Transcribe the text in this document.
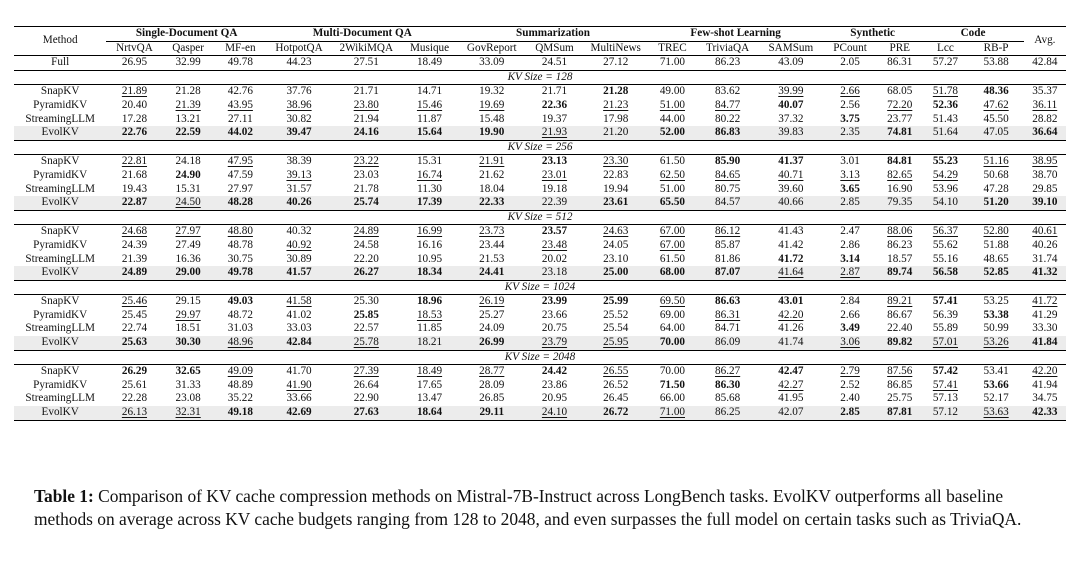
Method	Single-Document QA			Multi-Document QA			Summarization			Few-shot Learning			Synthetic		Code		Avg.
	NrtvQA	Qasper	MF-en	HotpotQA	2WikiMQA	Musique	GovReport	QMSum	MultiNews	TREC	TriviaQA	SAMSum	PCount	PRE	Lcc	RB-P	
Full	26.95	32.99	49.78	44.23	27.51	18.49	33.09	24.51	27.12	71.00	86.23	43.09	2.05	86.31	57.27	53.88	42.84
KV Size = 128																	
SnapKV	21.89	21.28	42.76	37.76	21.71	14.71	19.32	21.71	21.28	49.00	83.62	39.99	2.66	68.05	51.78	48.36	35.37
PyramidKV	20.40	21.39	43.95	38.96	23.80	15.46	19.69	22.36	21.23	51.00	84.77	40.07	2.56	72.20	52.36	47.62	36.11
StreamingLLM	17.28	13.21	27.11	30.82	21.94	11.87	15.48	19.37	17.98	44.00	80.22	37.32	3.75	23.77	51.43	45.50	28.82
EvolKV	22.76	22.59	44.02	39.47	24.16	15.64	19.90	21.93	21.20	52.00	86.83	39.83	2.35	74.81	51.64	47.05	36.64
KV Size = 256																	
SnapKV	22.81	24.18	47.95	38.39	23.22	15.31	21.91	23.13	23.30	61.50	85.90	41.37	3.01	84.81	55.23	51.16	38.95
PyramidKV	21.68	24.90	47.59	39.13	23.03	16.74	21.62	23.01	22.83	62.50	84.65	40.71	3.13	82.65	54.29	50.68	38.70
StreamingLLM	19.43	15.31	27.97	31.57	21.78	11.30	18.04	19.18	19.94	51.00	80.75	39.60	3.65	16.90	53.96	47.28	29.85
EvolKV	22.87	24.50	48.28	40.26	25.74	17.39	22.33	22.39	23.61	65.50	84.57	40.66	2.85	79.35	54.10	51.20	39.10
KV Size = 512																	
SnapKV	24.68	27.97	48.80	40.32	24.89	16.99	23.73	23.57	24.63	67.00	86.12	41.43	2.47	88.06	56.37	52.80	40.61
PyramidKV	24.39	27.49	48.78	40.92	24.58	16.16	23.44	23.48	24.05	67.00	85.87	41.42	2.86	86.23	55.62	51.88	40.26
StreamingLLM	21.39	16.36	30.75	30.89	22.20	10.95	21.53	20.02	23.10	61.50	81.86	41.72	3.14	18.57	55.16	48.65	31.74
EvolKV	24.89	29.00	49.78	41.57	26.27	18.34	24.41	23.18	25.00	68.00	87.07	41.64	2.87	89.74	56.58	52.85	41.32
KV Size = 1024																	
SnapKV	25.46	29.15	49.03	41.58	25.30	18.96	26.19	23.99	25.99	69.50	86.63	43.01	2.84	89.21	57.41	53.25	41.72
PyramidKV	25.45	29.97	48.72	41.02	25.85	18.53	25.27	23.66	25.52	69.00	86.31	42.20	2.66	86.67	56.39	53.38	41.29
StreamingLLM	22.74	18.51	31.03	33.03	22.57	11.85	24.09	20.75	25.54	64.00	84.71	41.26	3.49	22.40	55.89	50.99	33.30
EvolKV	25.63	30.30	48.96	42.84	25.78	18.21	26.99	23.79	25.95	70.00	86.09	41.74	3.06	89.82	57.01	53.26	41.84
KV Size = 2048																	
SnapKV	26.29	32.65	49.09	41.70	27.39	18.49	28.77	24.42	26.55	70.00	86.27	42.47	2.79	87.56	57.42	53.41	42.20
PyramidKV	25.61	31.33	48.89	41.90	26.64	17.65	28.09	23.86	26.52	71.50	86.30	42.27	2.52	86.85	57.41	53.66	41.94
StreamingLLM	22.28	23.08	35.22	33.66	22.90	13.47	26.85	20.95	26.45	66.00	85.68	41.95	2.40	25.75	57.13	52.17	34.75
EvolKV	26.13	32.31	49.18	42.69	27.63	18.64	29.11	24.10	26.72	71.00	86.25	42.07	2.85	87.81	57.12	53.63	42.33
Table 1: Comparison of KV cache compression methods on Mistral-7B-Instruct across LongBench tasks. EvolKV outperforms all baseline methods on average across KV cache budgets ranging from 128 to 2048, and even surpasses the full model on certain tasks such as TriviaQA.
